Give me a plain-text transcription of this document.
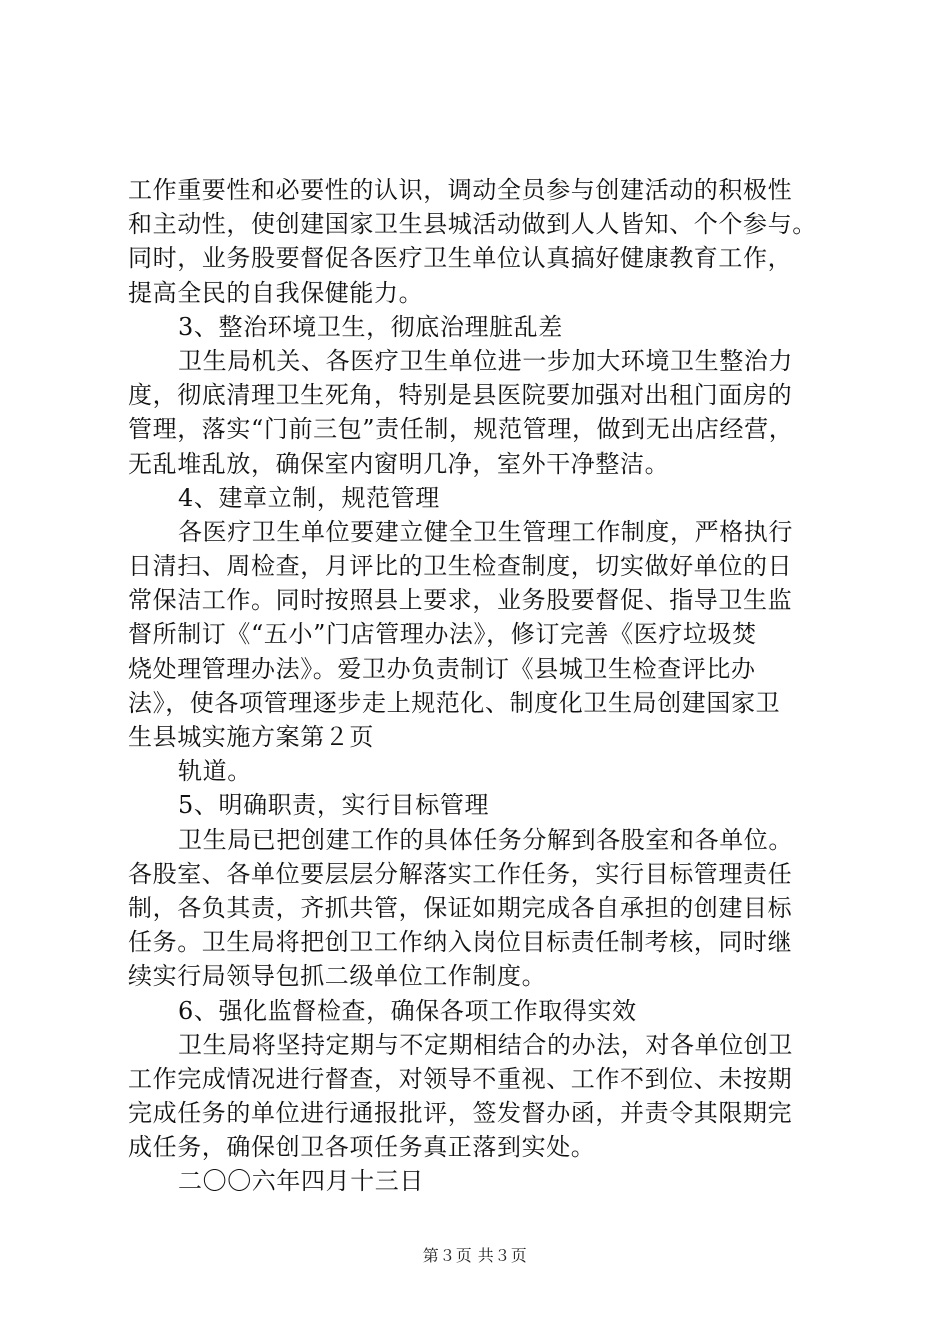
工作重要性和必要性的认识，调动全员参与创建活动的积极性
和主动性，使创建国家卫生县城活动做到人人皆知、个个参与。
同时，业务股要督促各医疗卫生单位认真搞好健康教育工作，
提高全民的自我保健能力。
3、整治环境卫生，彻底治理脏乱差
卫生局机关、各医疗卫生单位进一步加大环境卫生整治力
度，彻底清理卫生死角，特别是县医院要加强对出租门面房的
管理，落实“门前三包”责任制，规范管理，做到无出店经营，
无乱堆乱放，确保室内窗明几净，室外干净整洁。
4、建章立制，规范管理
各医疗卫生单位要建立健全卫生管理工作制度，严格执行
日清扫、周检查，月评比的卫生检查制度，切实做好单位的日
常保洁工作。同时按照县上要求，业务股要督促、指导卫生监
督所制订《“五小”门店管理办法》，修订完善《医疗垃圾焚
烧处理管理办法》。爱卫办负责制订《县城卫生检查评比办
法》，使各项管理逐步走上规范化、制度化卫生局创建国家卫
生县城实施方案第２页
轨道。
5、明确职责，实行目标管理
卫生局已把创建工作的具体任务分解到各股室和各单位。
各股室、各单位要层层分解落实工作任务，实行目标管理责任
制，各负其责，齐抓共管，保证如期完成各自承担的创建目标
任务。卫生局将把创卫工作纳入岗位目标责任制考核，同时继
续实行局领导包抓二级单位工作制度。
6、强化监督检查，确保各项工作取得实效
卫生局将坚持定期与不定期相结合的办法，对各单位创卫
工作完成情况进行督查，对领导不重视、工作不到位、未按期
完成任务的单位进行通报批评，签发督办函，并责令其限期完
成任务，确保创卫各项任务真正落到实处。
二〇〇六年四月十三日
第３页 共３页
